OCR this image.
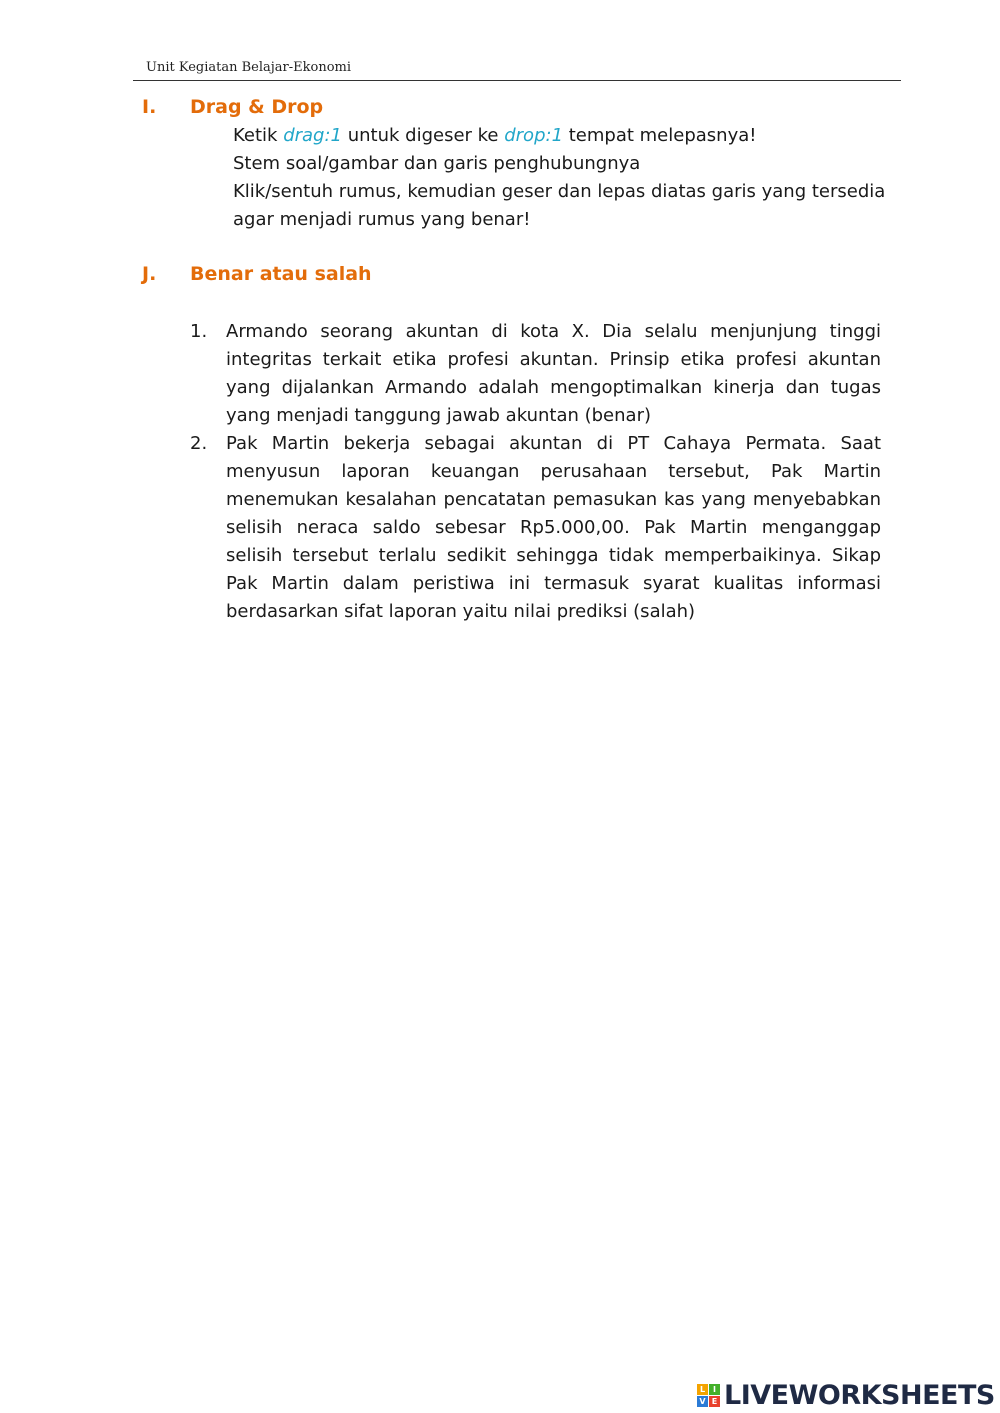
Unit Kegiatan Belajar-Ekonomi
I. Drag & Drop
Ketik drag:1 untuk digeser ke drop:1 tempat melepasnya!
Stem soal/gambar dan garis penghubungnya
Klik/sentuh rumus, kemudian geser dan lepas diatas garis yang tersedia
agar menjadi rumus yang benar!
J. Benar atau salah
1.	Armando seorang akuntan di kota X. Dia selalu menjunjung tinggi integritas terkait etika profesi akuntan. Prinsip etika profesi akuntan yang dijalankan Armando adalah mengoptimalkan kinerja dan tugas yang menjadi tanggung jawab akuntan (benar)
2.	Pak Martin bekerja sebagai akuntan di PT Cahaya Permata. Saat menyusun laporan keuangan perusahaan tersebut, Pak Martin menemukan kesalahan pencatatan pemasukan kas yang menyebabkan selisih neraca saldo sebesar Rp5.000,00. Pak Martin menganggap selisih tersebut terlalu sedikit sehingga tidak memperbaikinya. Sikap Pak Martin dalam peristiwa ini termasuk syarat kualitas informasi berdasarkan sifat laporan yaitu nilai prediksi (salah)
L I
V E LIVEWORKSHEETS
